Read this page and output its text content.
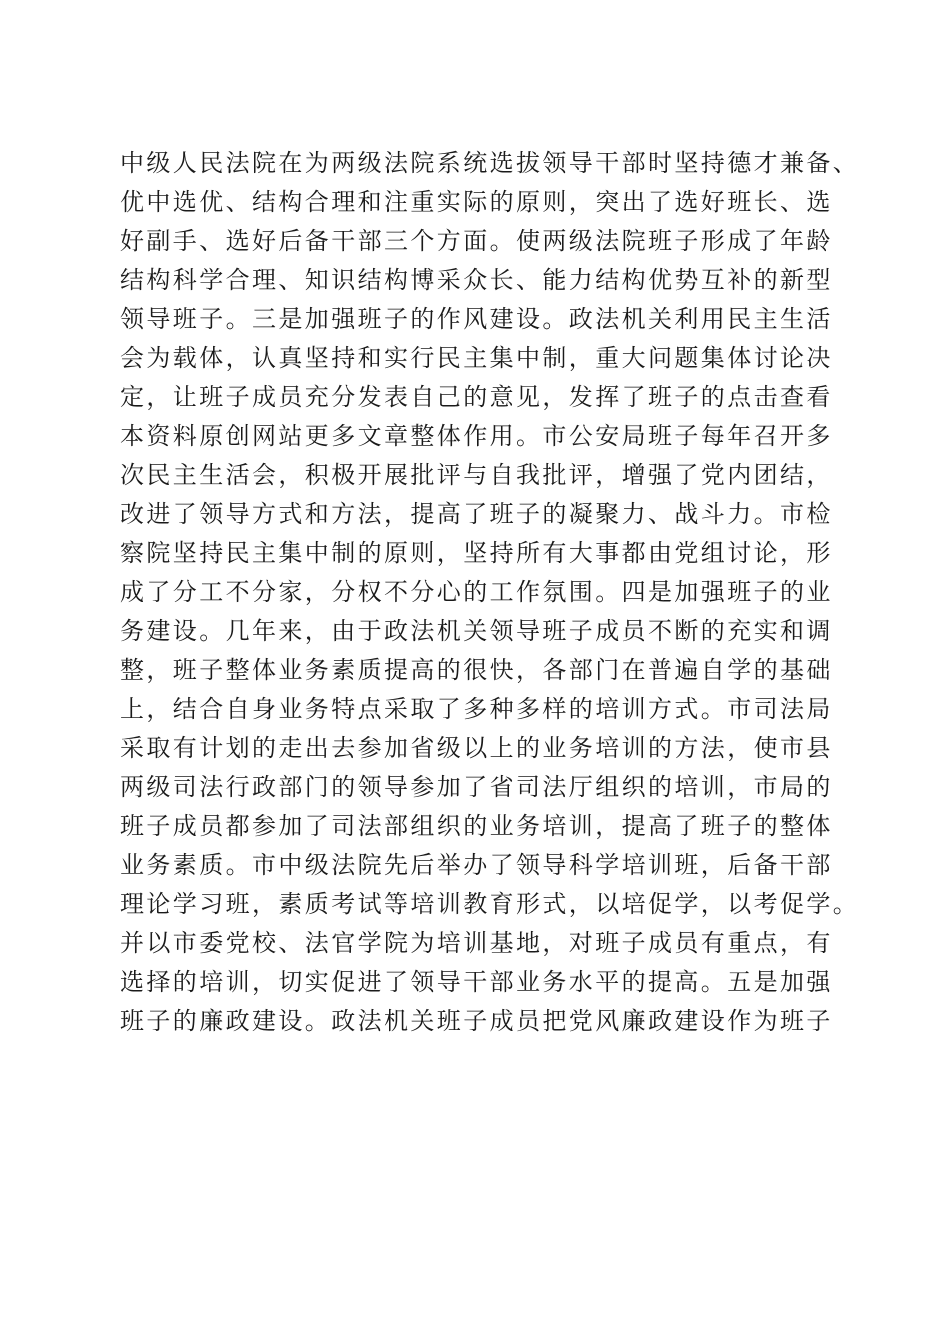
中级人民法院在为两级法院系统选拔领导干部时坚持德才兼备、
优中选优、结构合理和注重实际的原则，突出了选好班长、选
好副手、选好后备干部三个方面。使两级法院班子形成了年龄
结构科学合理、知识结构博采众长、能力结构优势互补的新型
领导班子。三是加强班子的作风建设。政法机关利用民主生活
会为载体，认真坚持和实行民主集中制，重大问题集体讨论决
定，让班子成员充分发表自己的意见，发挥了班子的点击查看
本资料原创网站更多文章整体作用。市公安局班子每年召开多
次民主生活会，积极开展批评与自我批评，增强了党内团结，
改进了领导方式和方法，提高了班子的凝聚力、战斗力。市检
察院坚持民主集中制的原则，坚持所有大事都由党组讨论，形
成了分工不分家，分权不分心的工作氛围。四是加强班子的业
务建设。几年来，由于政法机关领导班子成员不断的充实和调
整，班子整体业务素质提高的很快，各部门在普遍自学的基础
上，结合自身业务特点采取了多种多样的培训方式。市司法局
采取有计划的走出去参加省级以上的业务培训的方法，使市县
两级司法行政部门的领导参加了省司法厅组织的培训，市局的
班子成员都参加了司法部组织的业务培训，提高了班子的整体
业务素质。市中级法院先后举办了领导科学培训班，后备干部
理论学习班，素质考试等培训教育形式，以培促学，以考促学。
并以市委党校、法官学院为培训基地，对班子成员有重点，有
选择的培训，切实促进了领导干部业务水平的提高。五是加强
班子的廉政建设。政法机关班子成员把党风廉政建设作为班子
